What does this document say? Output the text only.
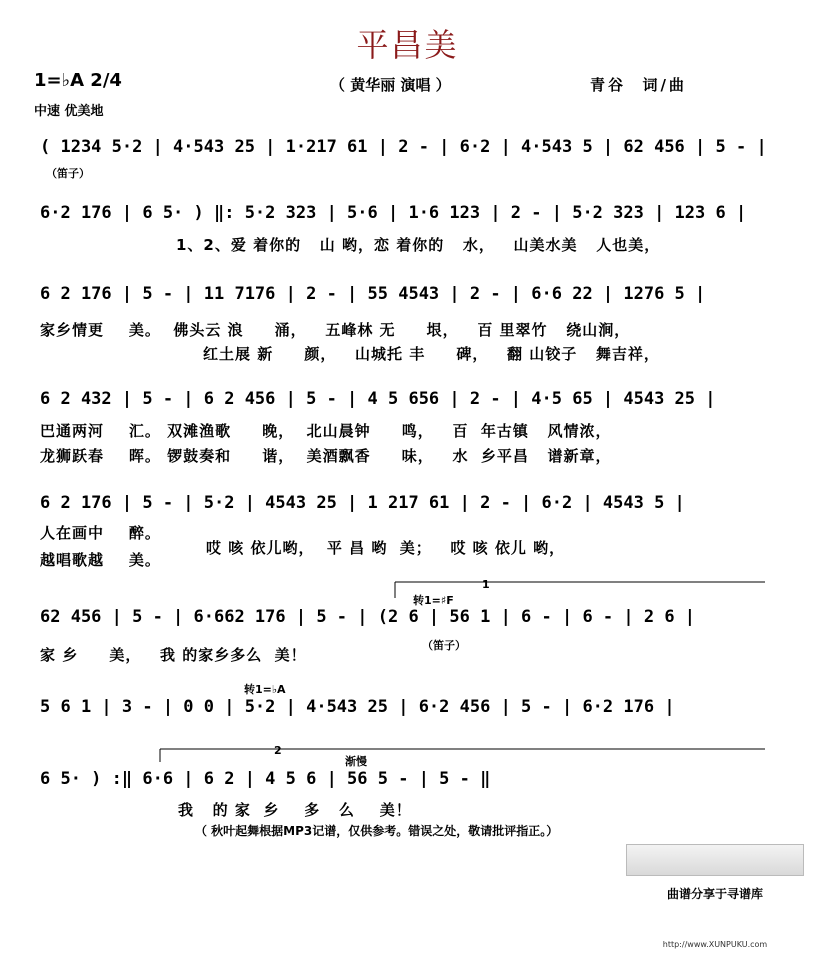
平昌美
1=♭A 2/4
中速 优美地
（ 黄华丽 演唱 ）	青谷  词/曲
( 1234 5·2 | 4·543 25 | 1·217 61 | 2 - | 6·2 | 4·543 5 | 62 456 | 5 - |
（笛子）
6·2 176 | 6 5· ) ‖: 5·2 323 | 5·6 | 1·6 123 | 2 - | 5·2 323 | 123 6 |
1、2、爱 着你的   山 哟，恋 着你的   水，   山美水美   人也美，
6 2 176 | 5 - | 11 7176 | 2 - | 55 4543 | 2 - | 6·6 22 | 1276 5 |
家乡情更    美。  佛头云 浪     涌，   五峰林 无     垠，   百 里翠竹   绕山涧，
红土展 新     颜，   山城托 丰     碑，   翻 山铰子   舞吉祥，
6 2 432 | 5 - | 6 2 456 | 5 - | 4 5 656 | 2 - | 4·5 65 | 4543 25 |
巴通两河    汇。 双滩渔歌     晚，  北山晨钟     鸣，   百  年古镇   风情浓，
龙狮跃春    晖。 锣鼓奏和     谐，  美酒飘香     味，   水  乡平昌   谱新章，
6 2 176 | 5 - | 5·2 | 4543 25 | 1 217 61 | 2 - | 6·2 | 4543 5 |
人在画中    醉。
越唱歌越    美。
哎 咳 依儿哟，  平 昌 哟  美；   哎 咳 依儿 哟，
转1=♯F
1
62 456 | 5 - | 6·662 176 | 5 - | (2 6 | 56 1 | 6 - | 6 - | 2 6 |
家 乡     美，   我 的家乡多么  美！
（笛子）
转1=♭A
5 6 1 | 3 - | 0 0 | 5·2 | 4·543 25 | 6·2 456 | 5 - | 6·2 176 |
2
渐慢
6 5· ) :‖ 6·6 | 6 2 | 4 5 6 | 56 5 - | 5 - ‖
我   的 家  乡    多   么    美！
（ 秋叶起舞根据MP3记谱，仅供参考。错误之处，敬请批评指正。）

曲谱分享于寻谱库

http://www.XUNPUKU.com
